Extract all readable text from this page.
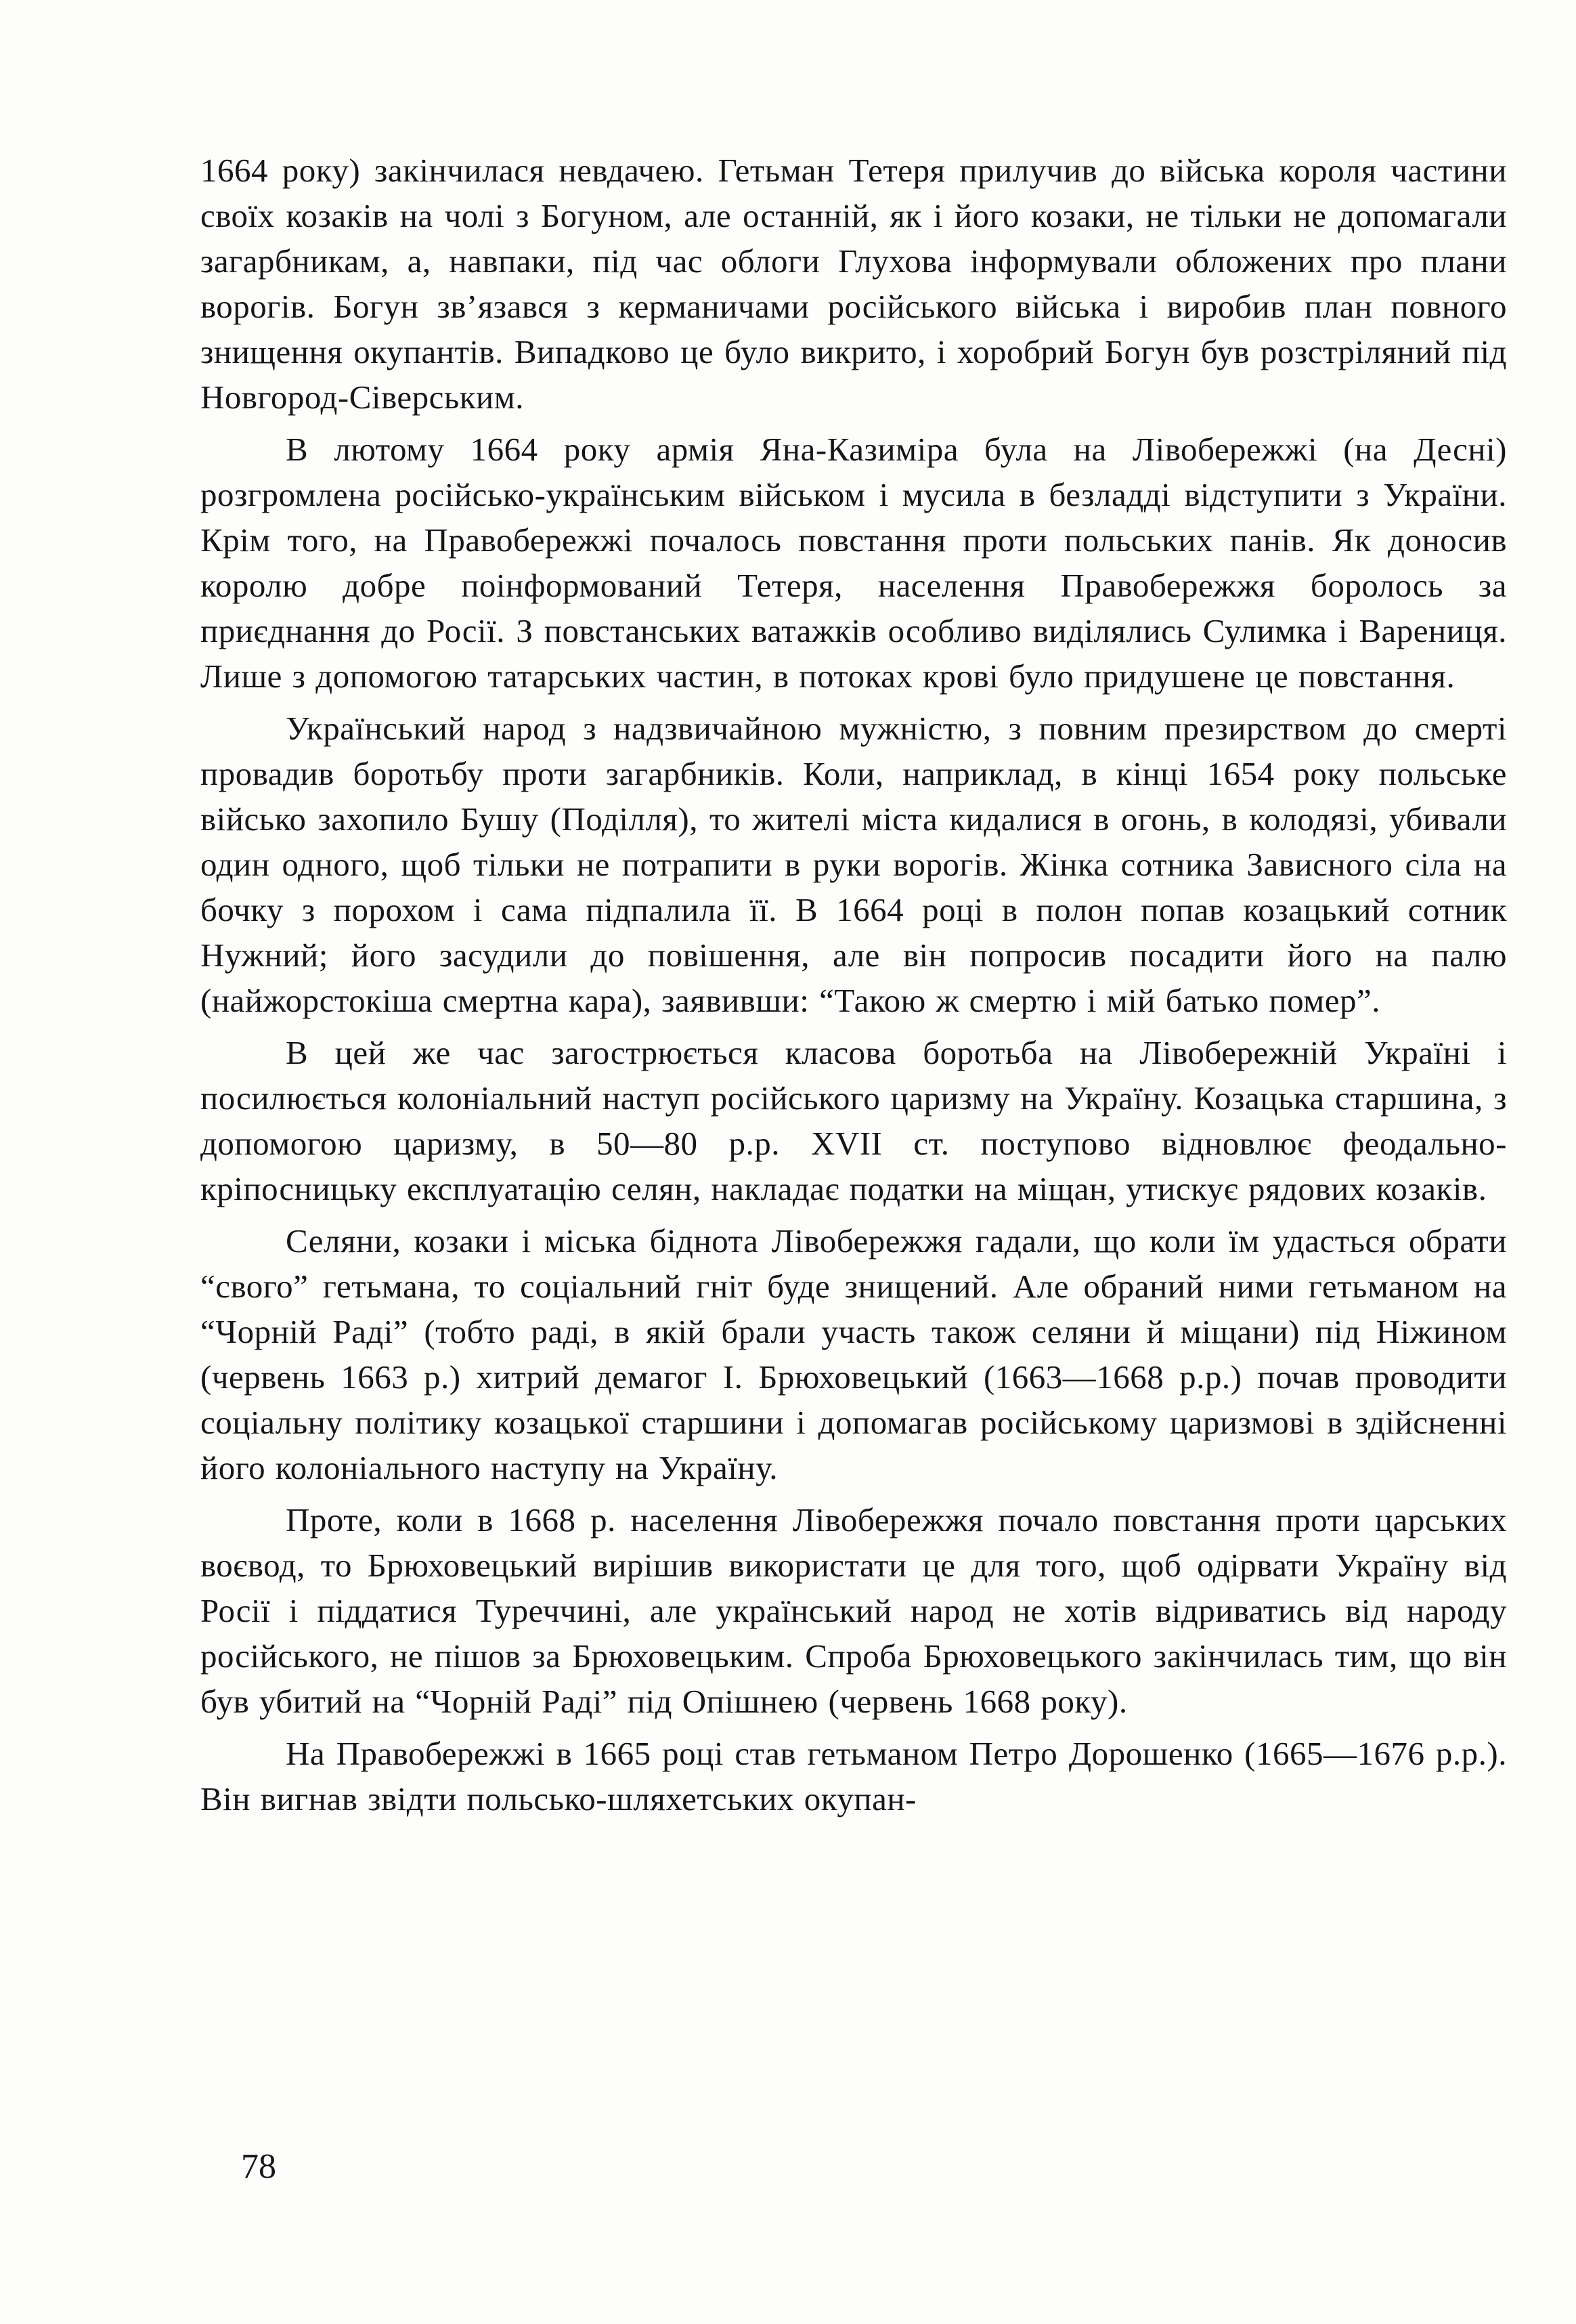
1664 року) закінчилася невдачею. Гетьман Тетеря прилучив до війська короля частини своїх козаків на чолі з Богуном, але останній, як і його козаки, не тільки не допомагали загарбникам, а, навпаки, під час облоги Глухова інформували обложених про плани ворогів. Богун зв’язався з керманичами російського війська і виробив план повного знищення окупантів. Випадково це було викрито, і хоробрий Богун був розстріляний під Новгород-Сіверським.

В лютому 1664 року армія Яна-Казиміра була на Лівобережжі (на Десні) розгромлена російсько-українським військом і мусила в безладді відступити з України. Крім того, на Правобережжі почалось повстання проти польських панів. Як доносив королю добре поінформований Тетеря, населення Правобережжя боролось за приєднання до Росії. З повстанських ватажків особливо виділялись Сулимка і Варениця. Лише з допомогою татарських частин, в потоках крові було придушене це повстання.

Український народ з надзвичайною мужністю, з повним презирством до смерті провадив боротьбу проти загарбників. Коли, наприклад, в кінці 1654 року польське військо захопило Бушу (Поділля), то жителі міста кидалися в огонь, в колодязі, убивали один одного, щоб тільки не потрапити в руки ворогів. Жінка сотника Зависного сіла на бочку з порохом і сама підпалила її. В 1664 році в полон попав козацький сотник Нужний; його засудили до повішення, але він попросив посадити його на палю (найжорстокіша смертна кара), заявивши: “Такою ж смертю і мій батько помер”.

В цей же час загострюється класова боротьба на Лівобережній Україні і посилюється колоніальний наступ російського царизму на Україну. Козацька старшина, з допомогою царизму, в 50—80 р.р. XVII ст. поступово відновлює феодально-кріпосницьку експлуатацію селян, накладає податки на міщан, утискує рядових козаків.

Селяни, козаки і міська біднота Лівобережжя гадали, що коли їм удасться обрати “свого” гетьмана, то соціальний гніт буде знищений. Але обраний ними гетьманом на “Чорній Раді” (тобто раді, в якій брали участь також селяни й міщани) під Ніжином (червень 1663 р.) хитрий демагог І. Брюховецький (1663—1668 р.р.) почав проводити соціальну політику козацької старшини і допомагав російському царизмові в здійсненні його колоніального наступу на Україну.

Проте, коли в 1668 р. населення Лівобережжя почало повстання проти царських воєвод, то Брюховецький вирішив використати це для того, щоб одірвати Україну від Росії і піддатися Туреччині, але український народ не хотів відриватись від народу російського, не пішов за Брюховецьким. Спроба Брюховецького закінчилась тим, що він був убитий на “Чорній Раді” під Опішнею (червень 1668 року).

На Правобережжі в 1665 році став гетьманом Петро Дорошенко (1665—1676 р.р.). Він вигнав звідти польсько-шляхетських окупан-

78
